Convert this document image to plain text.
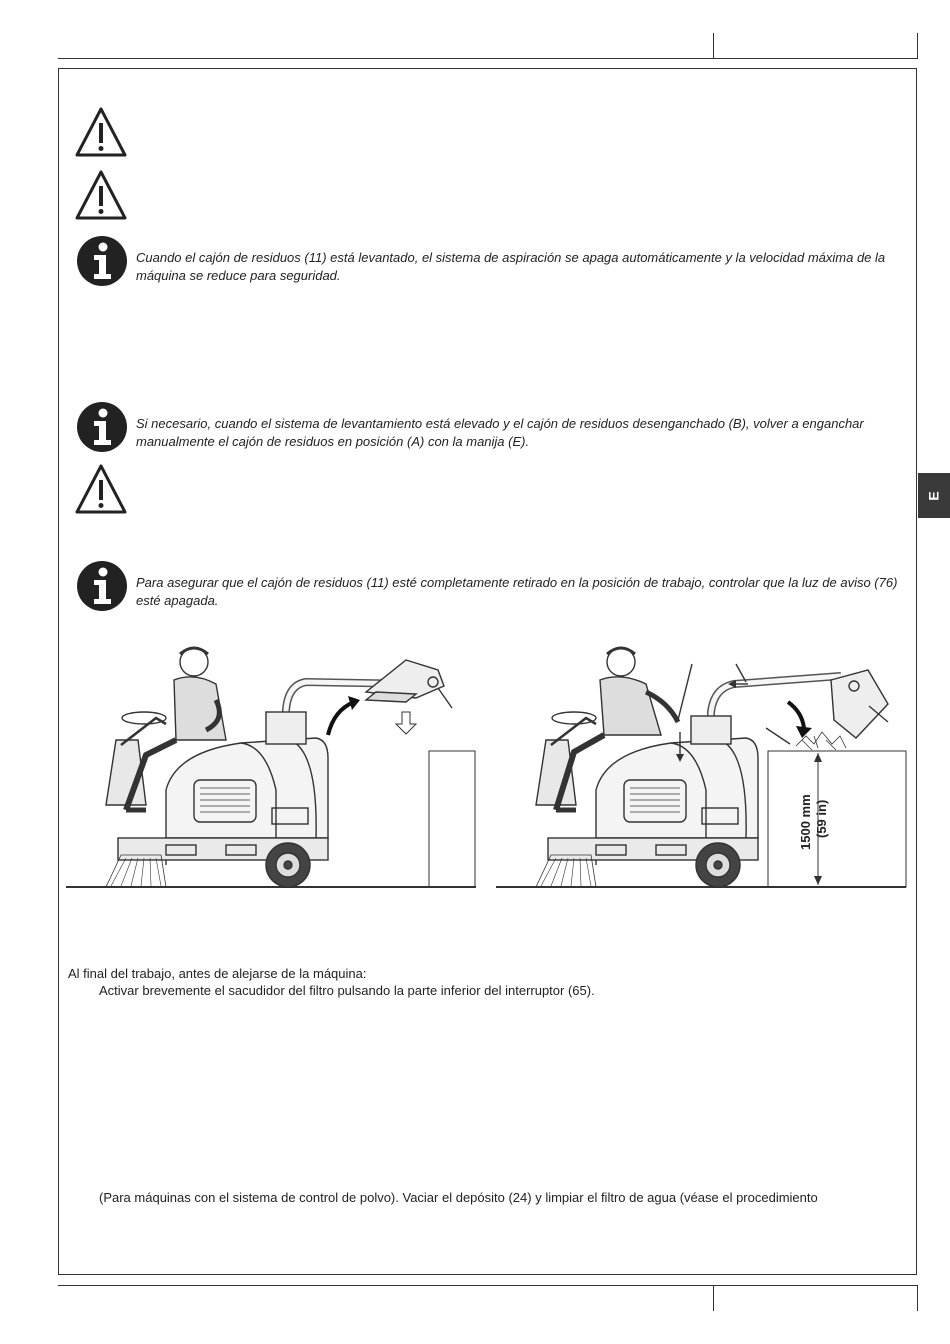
E
Cuando el cajón de residuos (11) está levantado, el sistema de aspiración se apaga automáticamente y la velocidad máxima de la máquina se reduce para seguridad.
Si necesario, cuando el sistema de levantamiento está elevado y el cajón de residuos desenganchado (B), volver a enganchar manualmente el cajón de residuos en posición (A) con la manija (E).
Para asegurar que el cajón de residuos (11) esté completamente retirado en la posición de trabajo, controlar que la luz de aviso (76) esté apagada.
1500 mm (59 in)
Al final del trabajo, antes de alejarse de la máquina:
Activar brevemente el sacudidor del filtro pulsando la parte inferior del interruptor (65).
(Para máquinas con el sistema de control de polvo). Vaciar el depósito (24) y limpiar el filtro de agua (véase el procedimiento
